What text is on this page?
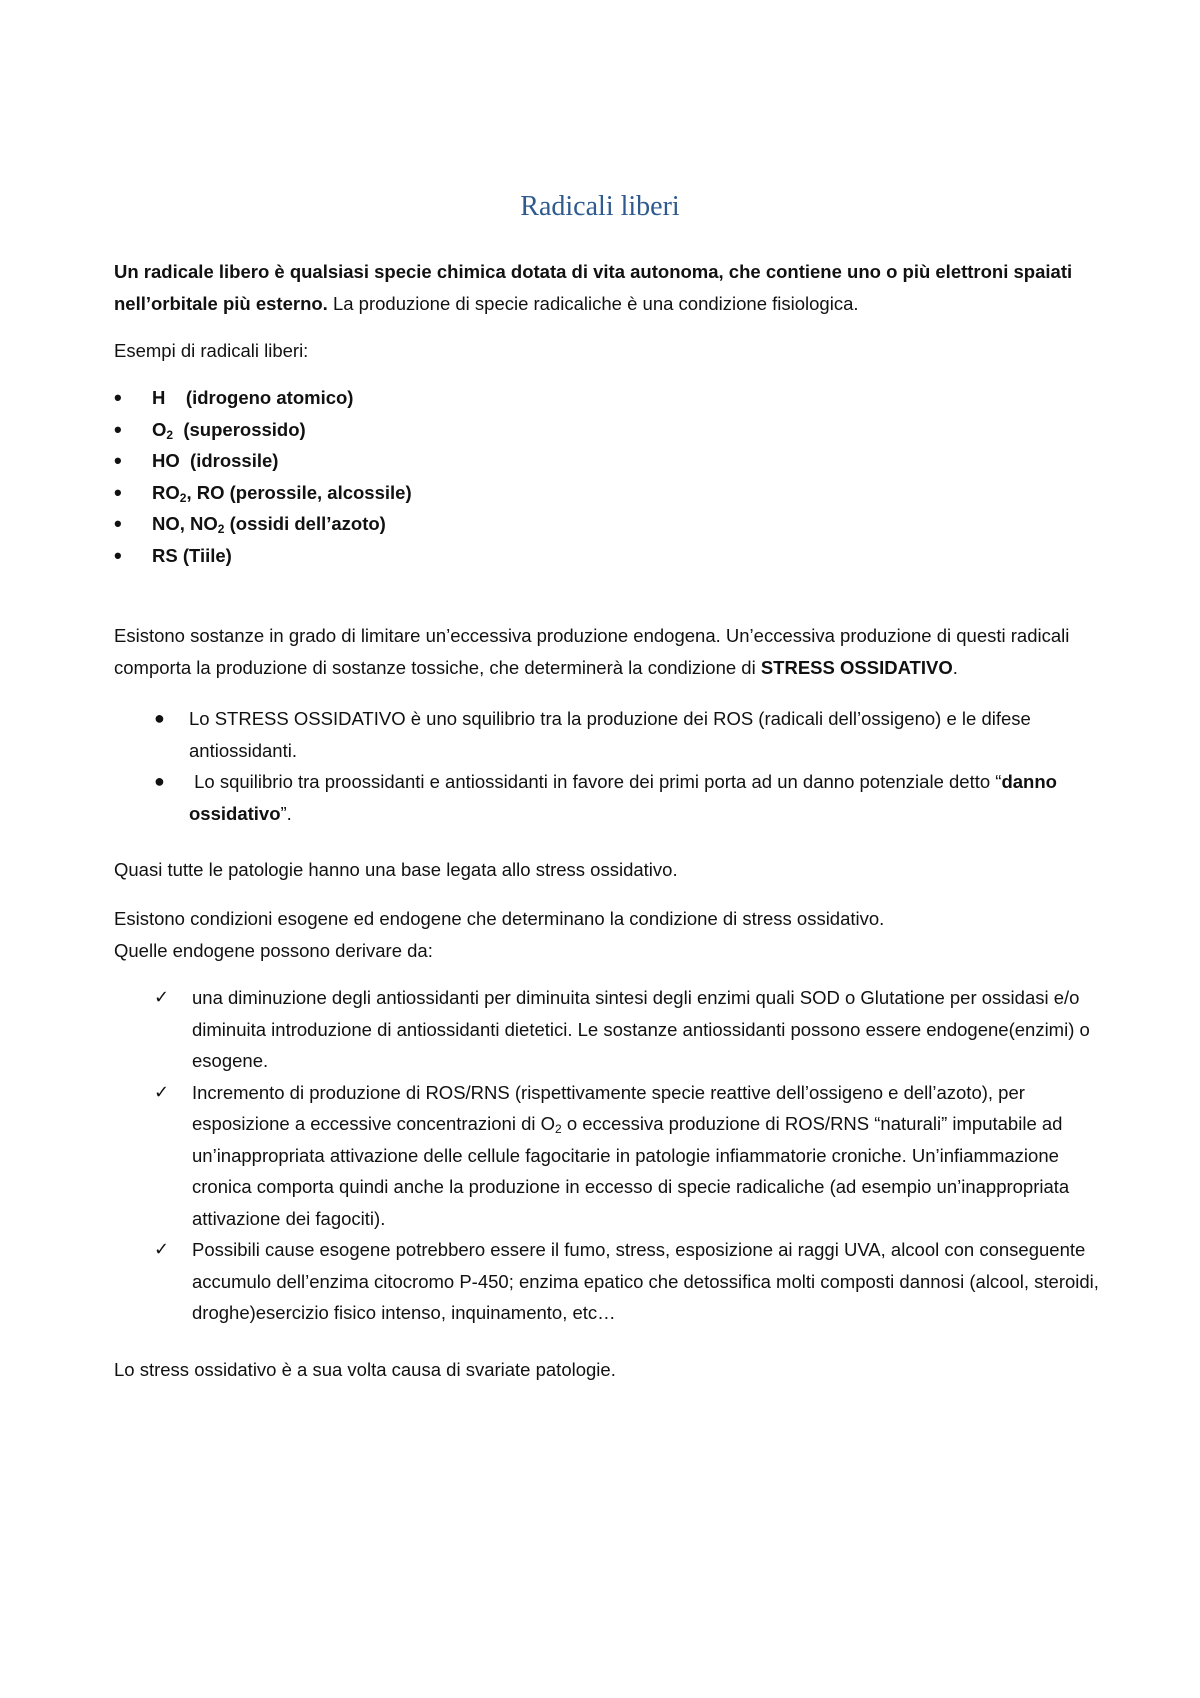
Radicali liberi

Un radicale libero è qualsiasi specie chimica dotata di vita autonoma, che contiene uno o più elettroni spaiati nell’orbitale più esterno. La produzione di specie radicaliche è una condizione fisiologica.

Esempi di radicali liberi:

• H    (idrogeno atomico)
• $O_2$  (superossido)
• HO  (idrossile)
• $RO_2$, RO (perossile, alcossile)
• NO, $NO_2$ (ossidi dell’azoto)
• RS (Tiile)

Esistono sostanze in grado di limitare un’eccessiva produzione endogena. Un’eccessiva produzione di questi radicali comporta la produzione di sostanze tossiche, che determinerà la condizione di STRESS OSSIDATIVO.

● Lo STRESS OSSIDATIVO è uno squilibrio tra la produzione dei ROS (radicali dell’ossigeno) e le difese antiossidanti.
● Lo squilibrio tra proossidanti e antiossidanti in favore dei primi porta ad un danno potenziale detto “danno ossidativo”.

Quasi tutte le patologie hanno una base legata allo stress ossidativo.

Esistono condizioni esogene ed endogene che determinano la condizione di stress ossidativo.
Quelle endogene possono derivare da:

✓ una diminuzione degli antiossidanti per diminuita sintesi degli enzimi quali SOD o Glutatione per ossidasi e/o diminuita introduzione di antiossidanti dietetici. Le sostanze antiossidanti possono essere endogene(enzimi) o esogene.
✓ Incremento di produzione di ROS/RNS (rispettivamente specie reattive dell’ossigeno e dell’azoto), per esposizione a eccessive concentrazioni di $O_2$ o eccessiva produzione di ROS/RNS “naturali” imputabile ad un’inappropriata attivazione delle cellule fagocitarie in patologie infiammatorie croniche. Un’infiammazione cronica comporta quindi anche la produzione in eccesso di specie radicaliche (ad esempio un’inappropriata attivazione dei fagociti).
✓ Possibili cause esogene potrebbero essere il fumo, stress, esposizione ai raggi UVA, alcool con conseguente accumulo dell’enzima citocromo P-450; enzima epatico che detossifica molti composti dannosi (alcool, steroidi, droghe)esercizio fisico intenso, inquinamento, etc…

Lo stress ossidativo è a sua volta causa di svariate patologie.
